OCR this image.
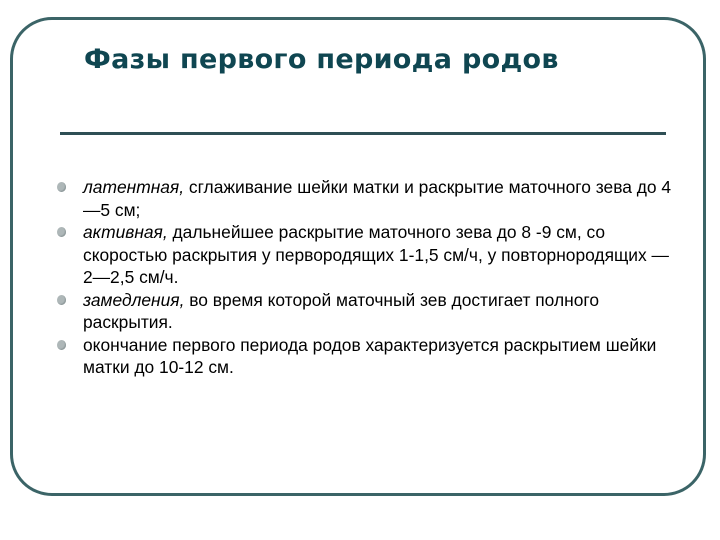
Фазы первого периода родов
латентная, сглаживание шейки матки и раскрытие маточного зева до 4—5 см;
активная, дальнейшее раскрытие маточного зева до 8 -9 см, со скоростью раскрытия у первородящих 1-1,5 см/ч, у повторнородящих — 2—2,5 см/ч.
замедления, во время которой маточный зев достигает полного раскрытия.
окончание первого периода родов характеризуется раскрытием шейки матки до 10-12 см.
